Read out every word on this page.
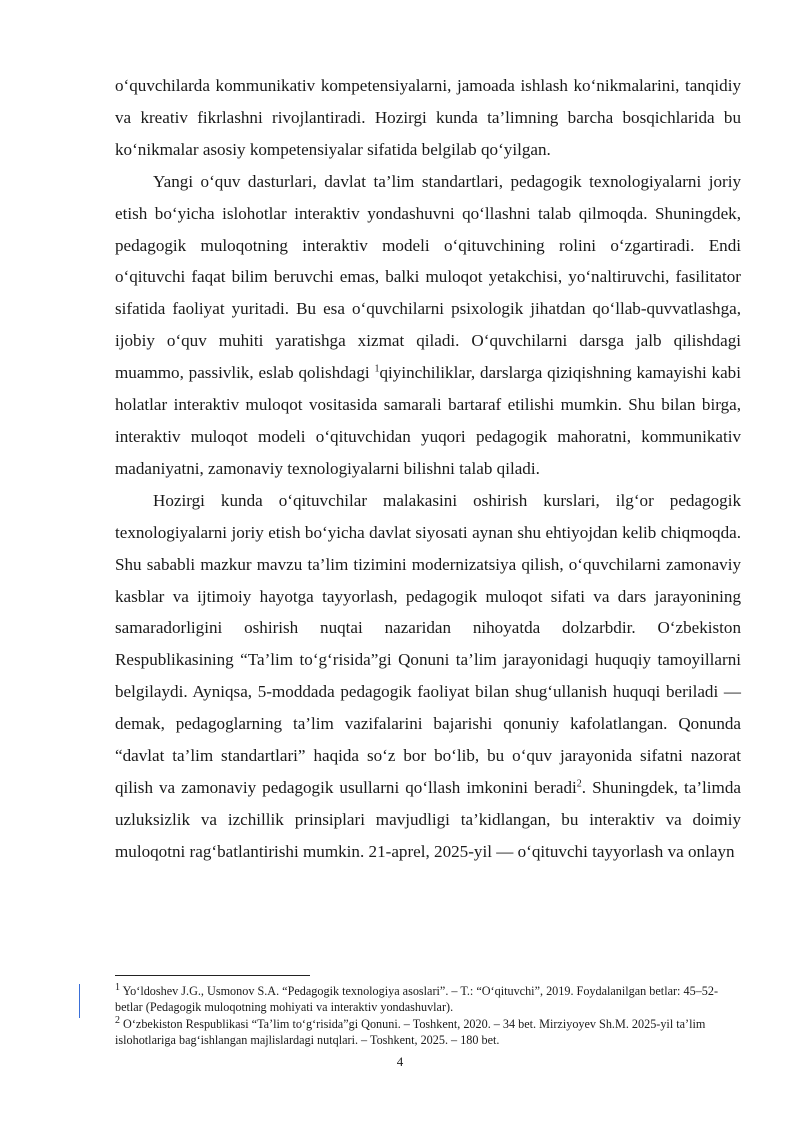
o‘quvchilarda kommunikativ kompetensiyalarni, jamoada ishlash ko‘nikmalarini, tanqidiy va kreativ fikrlashni rivojlantiradi. Hozirgi kunda ta’limning barcha bosqichlarida bu ko‘nikmalar asosiy kompetensiyalar sifatida belgilab qo‘yilgan.

Yangi o‘quv dasturlari, davlat ta’lim standartlari, pedagogik texnologiyalarni joriy etish bo‘yicha islohotlar interaktiv yondashuvni qo‘llashni talab qilmoqda. Shuningdek, pedagogik muloqotning interaktiv modeli o‘qituvchining rolini o‘zgartiradi. Endi o‘qituvchi faqat bilim beruvchi emas, balki muloqot yetakchisi, yo‘naltiruvchi, fasilitator sifatida faoliyat yuritadi. Bu esa o‘quvchilarni psixologik jihatdan qo‘llab-quvvatlashga, ijobiy o‘quv muhiti yaratishga xizmat qiladi. O‘quvchilarni darsga jalb qilishdagi muammo, passivlik, eslab qolishdagi $^1$qiyinchiliklar, darslarga qiziqishning kamayishi kabi holatlar interaktiv muloqot vositasida samarali bartaraf etilishi mumkin. Shu bilan birga, interaktiv muloqot modeli o‘qituvchidan yuqori pedagogik mahoratni, kommunikativ madaniyatni, zamonaviy texnologiyalarni bilishni talab qiladi.

Hozirgi kunda o‘qituvchilar malakasini oshirish kurslari, ilg‘or pedagogik texnologiyalarni joriy etish bo‘yicha davlat siyosati aynan shu ehtiyojdan kelib chiqmoqda. Shu sababli mazkur mavzu ta’lim tizimini modernizatsiya qilish, o‘quvchilarni zamonaviy kasblar va ijtimoiy hayotga tayyorlash, pedagogik muloqot sifati va dars jarayonining samaradorligini oshirish nuqtai nazaridan nihoyatda dolzarbdir. O‘zbekiston Respublikasining “Ta’lim to‘g‘risida”gi Qonuni ta’lim jarayonidagi huquqiy tamoyillarni belgilaydi. Ayniqsa, 5-moddada pedagogik faoliyat bilan shug‘ullanish huquqi beriladi — demak, pedagoglarning ta’lim vazifalarini bajarishi qonuniy kafolatlangan. Qonunda “davlat ta’lim standartlari” haqida so‘z bor bo‘lib, bu o‘quv jarayonida sifatni nazorat qilish va zamonaviy pedagogik usullarni qo‘llash imkonini beradi$^2$. Shuningdek, ta’limda uzluksizlik va izchillik prinsiplari mavjudligi ta’kidlangan, bu interaktiv va doimiy muloqotni rag‘batlantirishi mumkin. 21-aprel, 2025-yil — o‘qituvchi tayyorlash va onlayn

$^1$ Yo‘ldoshev J.G., Usmonov S.A. “Pedagogik texnologiya asoslari”. – T.: “O‘qituvchi”, 2019. Foydalanilgan betlar: 45–52-betlar (Pedagogik muloqotning mohiyati va interaktiv yondashuvlar).

$^2$ O‘zbekiston Respublikasi “Ta’lim to‘g‘risida”gi Qonuni. – Toshkent, 2020. – 34 bet. Mirziyoyev Sh.M. 2025-yil ta’lim islohotlariga bag‘ishlangan majlislardagi nutqlari. – Toshkent, 2025. – 180 bet.

4
